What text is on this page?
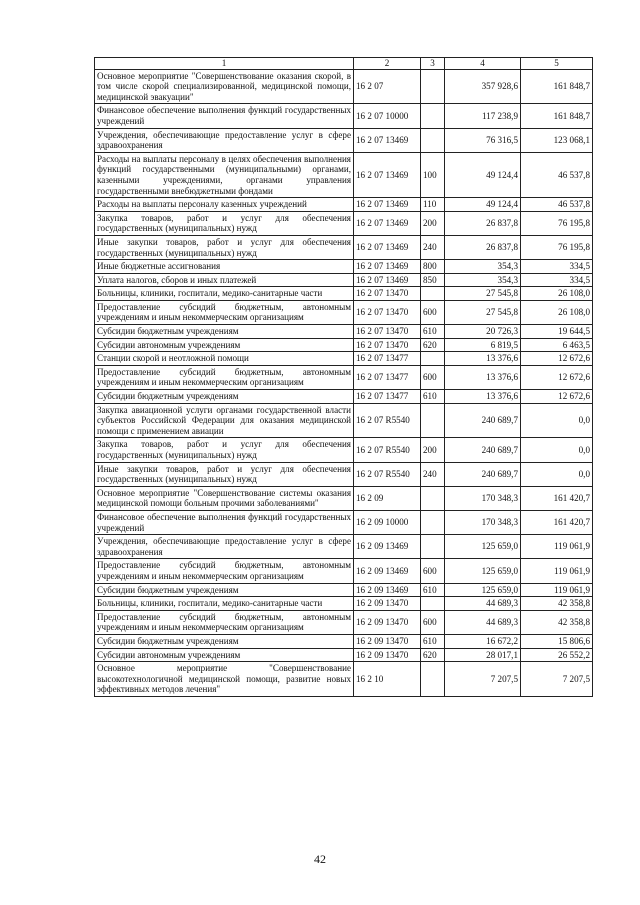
1	2	3	4	5
Основное мероприятие "Совершенствование оказания скорой, в том числе скорой специализированной, медицинской помощи, медицинской эвакуации"	16 2 07		357 928,6	161 848,7
Финансовое обеспечение выполнения функций государственных учреждений	16 2 07 10000		117 238,9	161 848,7
Учреждения, обеспечивающие предоставление услуг в сфере здравоохранения	16 2 07 13469		76 316,5	123 068,1
Расходы на выплаты персоналу в целях обеспечения выполнения функций государственными (муниципальными) органами, казенными учреждениями, органами управления государственными внебюджетными фондами	16 2 07 13469	100	49 124,4	46 537,8
Расходы на выплаты персоналу казенных учреждений	16 2 07 13469	110	49 124,4	46 537,8
Закупка товаров, работ и услуг для обеспечения государственных (муниципальных) нужд	16 2 07 13469	200	26 837,8	76 195,8
Иные закупки товаров, работ и услуг для обеспечения государственных (муниципальных) нужд	16 2 07 13469	240	26 837,8	76 195,8
Иные бюджетные ассигнования	16 2 07 13469	800	354,3	334,5
Уплата налогов, сборов и иных платежей	16 2 07 13469	850	354,3	334,5
Больницы, клиники, госпитали, медико-санитарные части	16 2 07 13470		27 545,8	26 108,0
Предоставление субсидий бюджетным, автономным учреждениям и иным некоммерческим организациям	16 2 07 13470	600	27 545,8	26 108,0
Субсидии бюджетным учреждениям	16 2 07 13470	610	20 726,3	19 644,5
Субсидии автономным учреждениям	16 2 07 13470	620	6 819,5	6 463,5
Станции скорой и неотложной помощи	16 2 07 13477		13 376,6	12 672,6
Предоставление субсидий бюджетным, автономным учреждениям и иным некоммерческим организациям	16 2 07 13477	600	13 376,6	12 672,6
Субсидии бюджетным учреждениям	16 2 07 13477	610	13 376,6	12 672,6
Закупка авиационной услуги органами государственной власти субъектов Российской Федерации для оказания медицинской помощи с применением авиации	16 2 07 R5540		240 689,7	0,0
Закупка товаров, работ и услуг для обеспечения государственных (муниципальных) нужд	16 2 07 R5540	200	240 689,7	0,0
Иные закупки товаров, работ и услуг для обеспечения государственных (муниципальных) нужд	16 2 07 R5540	240	240 689,7	0,0
Основное мероприятие "Совершенствование системы оказания медицинской помощи больным прочими заболеваниями"	16 2 09		170 348,3	161 420,7
Финансовое обеспечение выполнения функций государственных учреждений	16 2 09 10000		170 348,3	161 420,7
Учреждения, обеспечивающие предоставление услуг в сфере здравоохранения	16 2 09 13469		125 659,0	119 061,9
Предоставление субсидий бюджетным, автономным учреждениям и иным некоммерческим организациям	16 2 09 13469	600	125 659,0	119 061,9
Субсидии бюджетным учреждениям	16 2 09 13469	610	125 659,0	119 061,9
Больницы, клиники, госпитали, медико-санитарные части	16 2 09 13470		44 689,3	42 358,8
Предоставление субсидий бюджетным, автономным учреждениям и иным некоммерческим организациям	16 2 09 13470	600	44 689,3	42 358,8
Субсидии бюджетным учреждениям	16 2 09 13470	610	16 672,2	15 806,6
Субсидии автономным учреждениям	16 2 09 13470	620	28 017,1	26 552,2
Основное мероприятие "Совершенствование высокотехнологичной медицинской помощи, развитие новых эффективных методов лечения"	16 2 10		7 207,5	7 207,5
42
